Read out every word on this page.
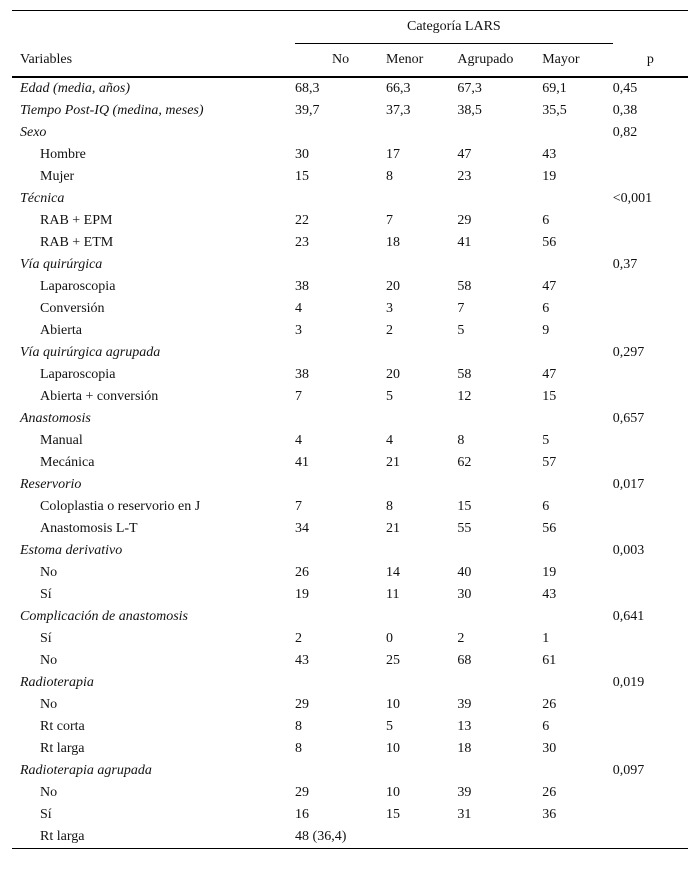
	Categoría LARS				
Variables	No	Menor	Agrupado	Mayor	p
Edad (media, años)	68,3	66,3	67,3	69,1	0,45
Tiempo Post-IQ (medina, meses)	39,7	37,3	38,5	35,5	0,38
Sexo					0,82
Hombre	30	17	47	43	
Mujer	15	8	23	19	
Técnica					<0,001
RAB + EPM	22	7	29	6	
RAB + ETM	23	18	41	56	
Vía quirúrgica					0,37
Laparoscopia	38	20	58	47	
Conversión	4	3	7	6	
Abierta	3	2	5	9	
Vía quirúrgica agrupada					0,297
Laparoscopia	38	20	58	47	
Abierta + conversión	7	5	12	15	
Anastomosis					0,657
Manual	4	4	8	5	
Mecánica	41	21	62	57	
Reservorio					0,017
Coloplastia o reservorio en J	7	8	15	6	
Anastomosis L-T	34	21	55	56	
Estoma derivativo					0,003
No	26	14	40	19	
Sí	19	11	30	43	
Complicación de anastomosis					0,641
Sí	2	0	2	1	
No	43	25	68	61	
Radioterapia					0,019
No	29	10	39	26	
Rt corta	8	5	13	6	
Rt larga	8	10	18	30	
Radioterapia agrupada					0,097
No	29	10	39	26	
Sí	16	15	31	36	
Rt larga	48 (36,4)				
